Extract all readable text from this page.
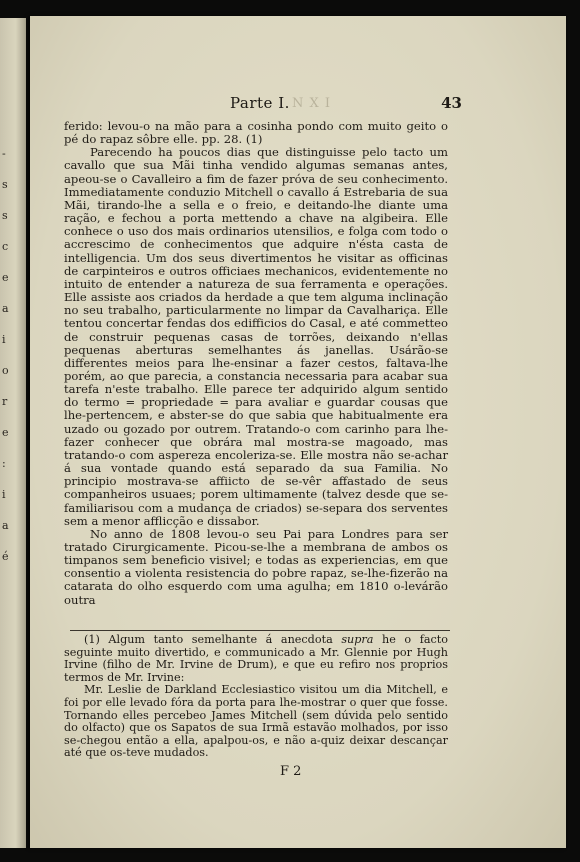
-
s
s
c
e
a
i
o
r
e
:
i
a
é
Parte I. N X I	43

ferido: levou-o na mão para a cosinha pondo com muito geito o pé do rapaz sôbre elle. pp. 28. (1)

Parecendo ha poucos dias que distinguisse pelo tacto um cavallo que sua Mãi tinha vendido algumas semanas antes, apeou-se o Cavalleiro a fim de fazer próva de seu conhecimento. Immediatamente conduzio Mitchell o cavallo á Estrebaria de sua Mãi, tirando-lhe a sella e o freio, e deitando-lhe diante uma ração, e fechou a porta mettendo a chave na algibeira. Elle conhece o uso dos mais ordinarios utensilios, e folga com todo o accrescimo de conhecimentos que adquire n'ésta casta de intelligencia. Um dos seus divertimentos he visitar as officinas de carpinteiros e outros officiaes mechanicos, evidentemente no intuito de entender a natureza de sua ferramenta e operações. Elle assiste aos criados da herdade a que tem alguma inclinação no seu trabalho, particularmente no limpar da Cavalhariça. Elle tentou concertar fendas dos edifficios do Casal, e até commetteo de construir pequenas casas de torrões, deixando n'ellas pequenas aberturas semelhantes ás janellas. Usárão-se differentes meios para lhe-ensinar a fazer cestos, faltava-lhe porém, ao que parecia, a constancia necessaria para acabar sua tarefa n'este trabalho. Elle parece ter adquirido algum sentido do termo = propriedade = para avaliar e guardar cousas que lhe-pertencem, e abster-se do que sabia que habitualmente era uzado ou gozado por outrem. Tratando-o com carinho para lhe-fazer conhecer que obrára mal mostra-se magoado, mas tratando-o com aspereza encoleriza-se. Elle mostra não se-achar á sua vontade quando está separado da sua Familia. No principio mostrava-se affiicto de se-vêr affastado de seus companheiros usuaes; porem ultimamente (talvez desde que se-familiarisou com a mudança de criados) se-separa dos serventes sem a menor afflicção e dissabor.

No anno de 1808 levou-o seu Pai para Londres para ser tratado Cirurgicamente. Picou-se-lhe a membrana de ambos os timpanos sem beneficio visivel; e todas as experiencias, em que consentio a violenta resistencia do pobre rapaz, se-lhe-fizerão na catarata do olho esquerdo com uma agulha; em 1810 o-levárão outra

(1) Algum tanto semelhante á anecdota supra he o facto seguinte muito divertido, e communicado a Mr. Glennie por Hugh Irvine (filho de Mr. Irvine de Drum), e que eu refiro nos proprios termos de Mr. Irvine:

Mr. Leslie de Darkland Ecclesiastico visitou um dia Mitchell, e foi por elle levado fóra da porta para lhe-mostrar o quer que fosse. Tornando elles percebeo James Mitchell (sem dúvida pelo sentido do olfacto) que os Sapatos de sua Irmã estavão molhados, por isso se-chegou então a ella, apalpou-os, e não a-quiz deixar descançar até que os-teve mudados.

F 2
